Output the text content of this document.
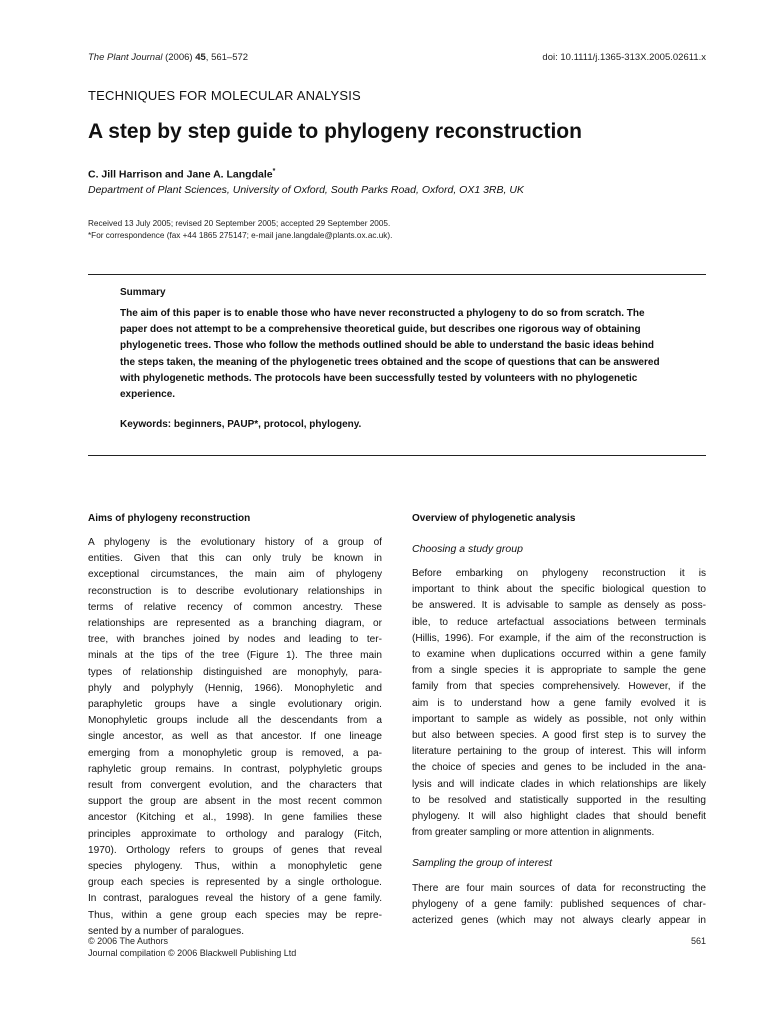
The Plant Journal (2006) 45, 561–572	doi: 10.1111/j.1365-313X.2005.02611.x
TECHNIQUES FOR MOLECULAR ANALYSIS
A step by step guide to phylogeny reconstruction
C. Jill Harrison and Jane A. Langdale*
Department of Plant Sciences, University of Oxford, South Parks Road, Oxford, OX1 3RB, UK
Received 13 July 2005; revised 20 September 2005; accepted 29 September 2005.
*For correspondence (fax +44 1865 275147; e-mail jane.langdale@plants.ox.ac.uk).
Summary
The aim of this paper is to enable those who have never reconstructed a phylogeny to do so from scratch. The paper does not attempt to be a comprehensive theoretical guide, but describes one rigorous way of obtaining phylogenetic trees. Those who follow the methods outlined should be able to understand the basic ideas behind the steps taken, the meaning of the phylogenetic trees obtained and the scope of questions that can be answered with phylogenetic methods. The protocols have been successfully tested by volunteers with no phylogenetic experience.
Keywords: beginners, PAUP*, protocol, phylogeny.
Aims of phylogeny reconstruction
A phylogeny is the evolutionary history of a group of
entities. Given that this can only truly be known in
exceptional circumstances, the main aim of phylogeny
reconstruction is to describe evolutionary relationships in
terms of relative recency of common ancestry. These
relationships are represented as a branching diagram, or
tree, with branches joined by nodes and leading to ter-
minals at the tips of the tree (Figure 1). The three main
types of relationship distinguished are monophyly, para-
phyly and polyphyly (Hennig, 1966). Monophyletic and
paraphyletic groups have a single evolutionary origin.
Monophyletic groups include all the descendants from a
single ancestor, as well as that ancestor. If one lineage
emerging from a monophyletic group is removed, a pa-
raphyletic group remains. In contrast, polyphyletic groups
result from convergent evolution, and the characters that
support the group are absent in the most recent common
ancestor (Kitching et al., 1998). In gene families these
principles approximate to orthology and paralogy (Fitch,
1970). Orthology refers to groups of genes that reveal
species phylogeny. Thus, within a monophyletic gene
group each species is represented by a single orthologue.
In contrast, paralogues reveal the history of a gene family.
Thus, within a gene group each species may be repre-
sented by a number of paralogues.
Overview of phylogenetic analysis
Choosing a study group
Before embarking on phylogeny reconstruction it is
important to think about the specific biological question to
be answered. It is advisable to sample as densely as poss-
ible, to reduce artefactual associations between terminals
(Hillis, 1996). For example, if the aim of the reconstruction is
to examine when duplications occurred within a gene family
from a single species it is appropriate to sample the gene
family from that species comprehensively. However, if the
aim is to understand how a gene family evolved it is
important to sample as widely as possible, not only within
but also between species. A good first step is to survey the
literature pertaining to the group of interest. This will inform
the choice of species and genes to be included in the ana-
lysis and will indicate clades in which relationships are likely
to be resolved and statistically supported in the resulting
phylogeny. It will also highlight clades that should benefit
from greater sampling or more attention in alignments.
Sampling the group of interest
There are four main sources of data for reconstructing the
phylogeny of a gene family: published sequences of char-
acterized genes (which may not always clearly appear in
© 2006 The Authors
Journal compilation © 2006 Blackwell Publishing Ltd
561
